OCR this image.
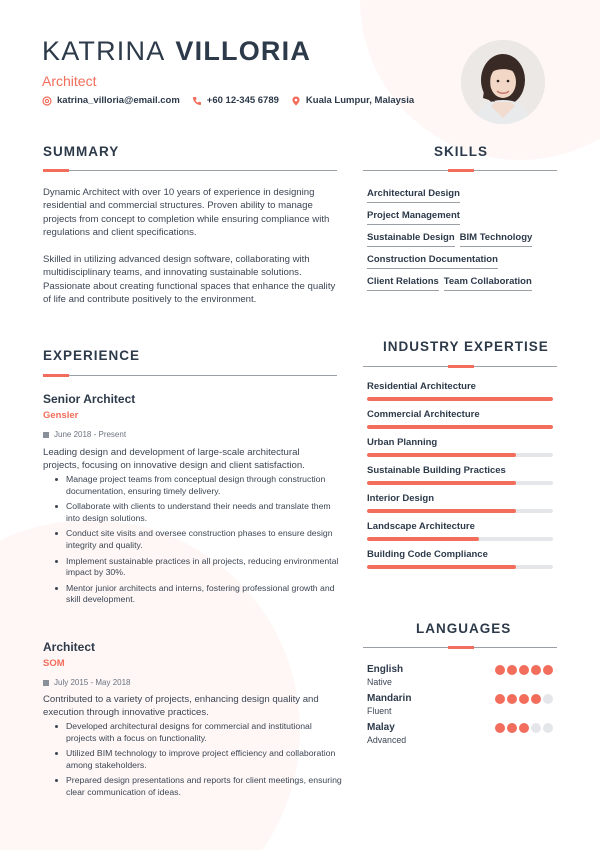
KATRINA VILLORIA
Architect
katrina_villoria@email.com	+60 12-345 6789	Kuala Lumpur, Malaysia
SUMMARY
Dynamic Architect with over 10 years of experience in designing residential and commercial structures. Proven ability to manage projects from concept to completion while ensuring compliance with regulations and client specifications.
Skilled in utilizing advanced design software, collaborating with multidisciplinary teams, and innovating sustainable solutions. Passionate about creating functional spaces that enhance the quality of life and contribute positively to the environment.
SKILLS
Architectural Design
Project Management
Sustainable Design BIM Technology
Construction Documentation
Client Relations Team Collaboration
EXPERIENCE
Senior Architect
Gensler
June 2018 - Present
Leading design and development of large-scale architectural projects, focusing on innovative design and client satisfaction.
Manage project teams from conceptual design through construction documentation, ensuring timely delivery.
Collaborate with clients to understand their needs and translate them into design solutions.
Conduct site visits and oversee construction phases to ensure design integrity and quality.
Implement sustainable practices in all projects, reducing environmental impact by 30%.
Mentor junior architects and interns, fostering professional growth and skill development.
Architect
SOM
July 2015 - May 2018
Contributed to a variety of projects, enhancing design quality and execution through innovative practices.
Developed architectural designs for commercial and institutional projects with a focus on functionality.
Utilized BIM technology to improve project efficiency and collaboration among stakeholders.
Prepared design presentations and reports for client meetings, ensuring clear communication of ideas.
INDUSTRY EXPERTISE
Residential Architecture
Commercial Architecture
Urban Planning
Sustainable Building Practices
Interior Design
Landscape Architecture
Building Code Compliance
LANGUAGES
English
Native
Mandarin
Fluent
Malay
Advanced
